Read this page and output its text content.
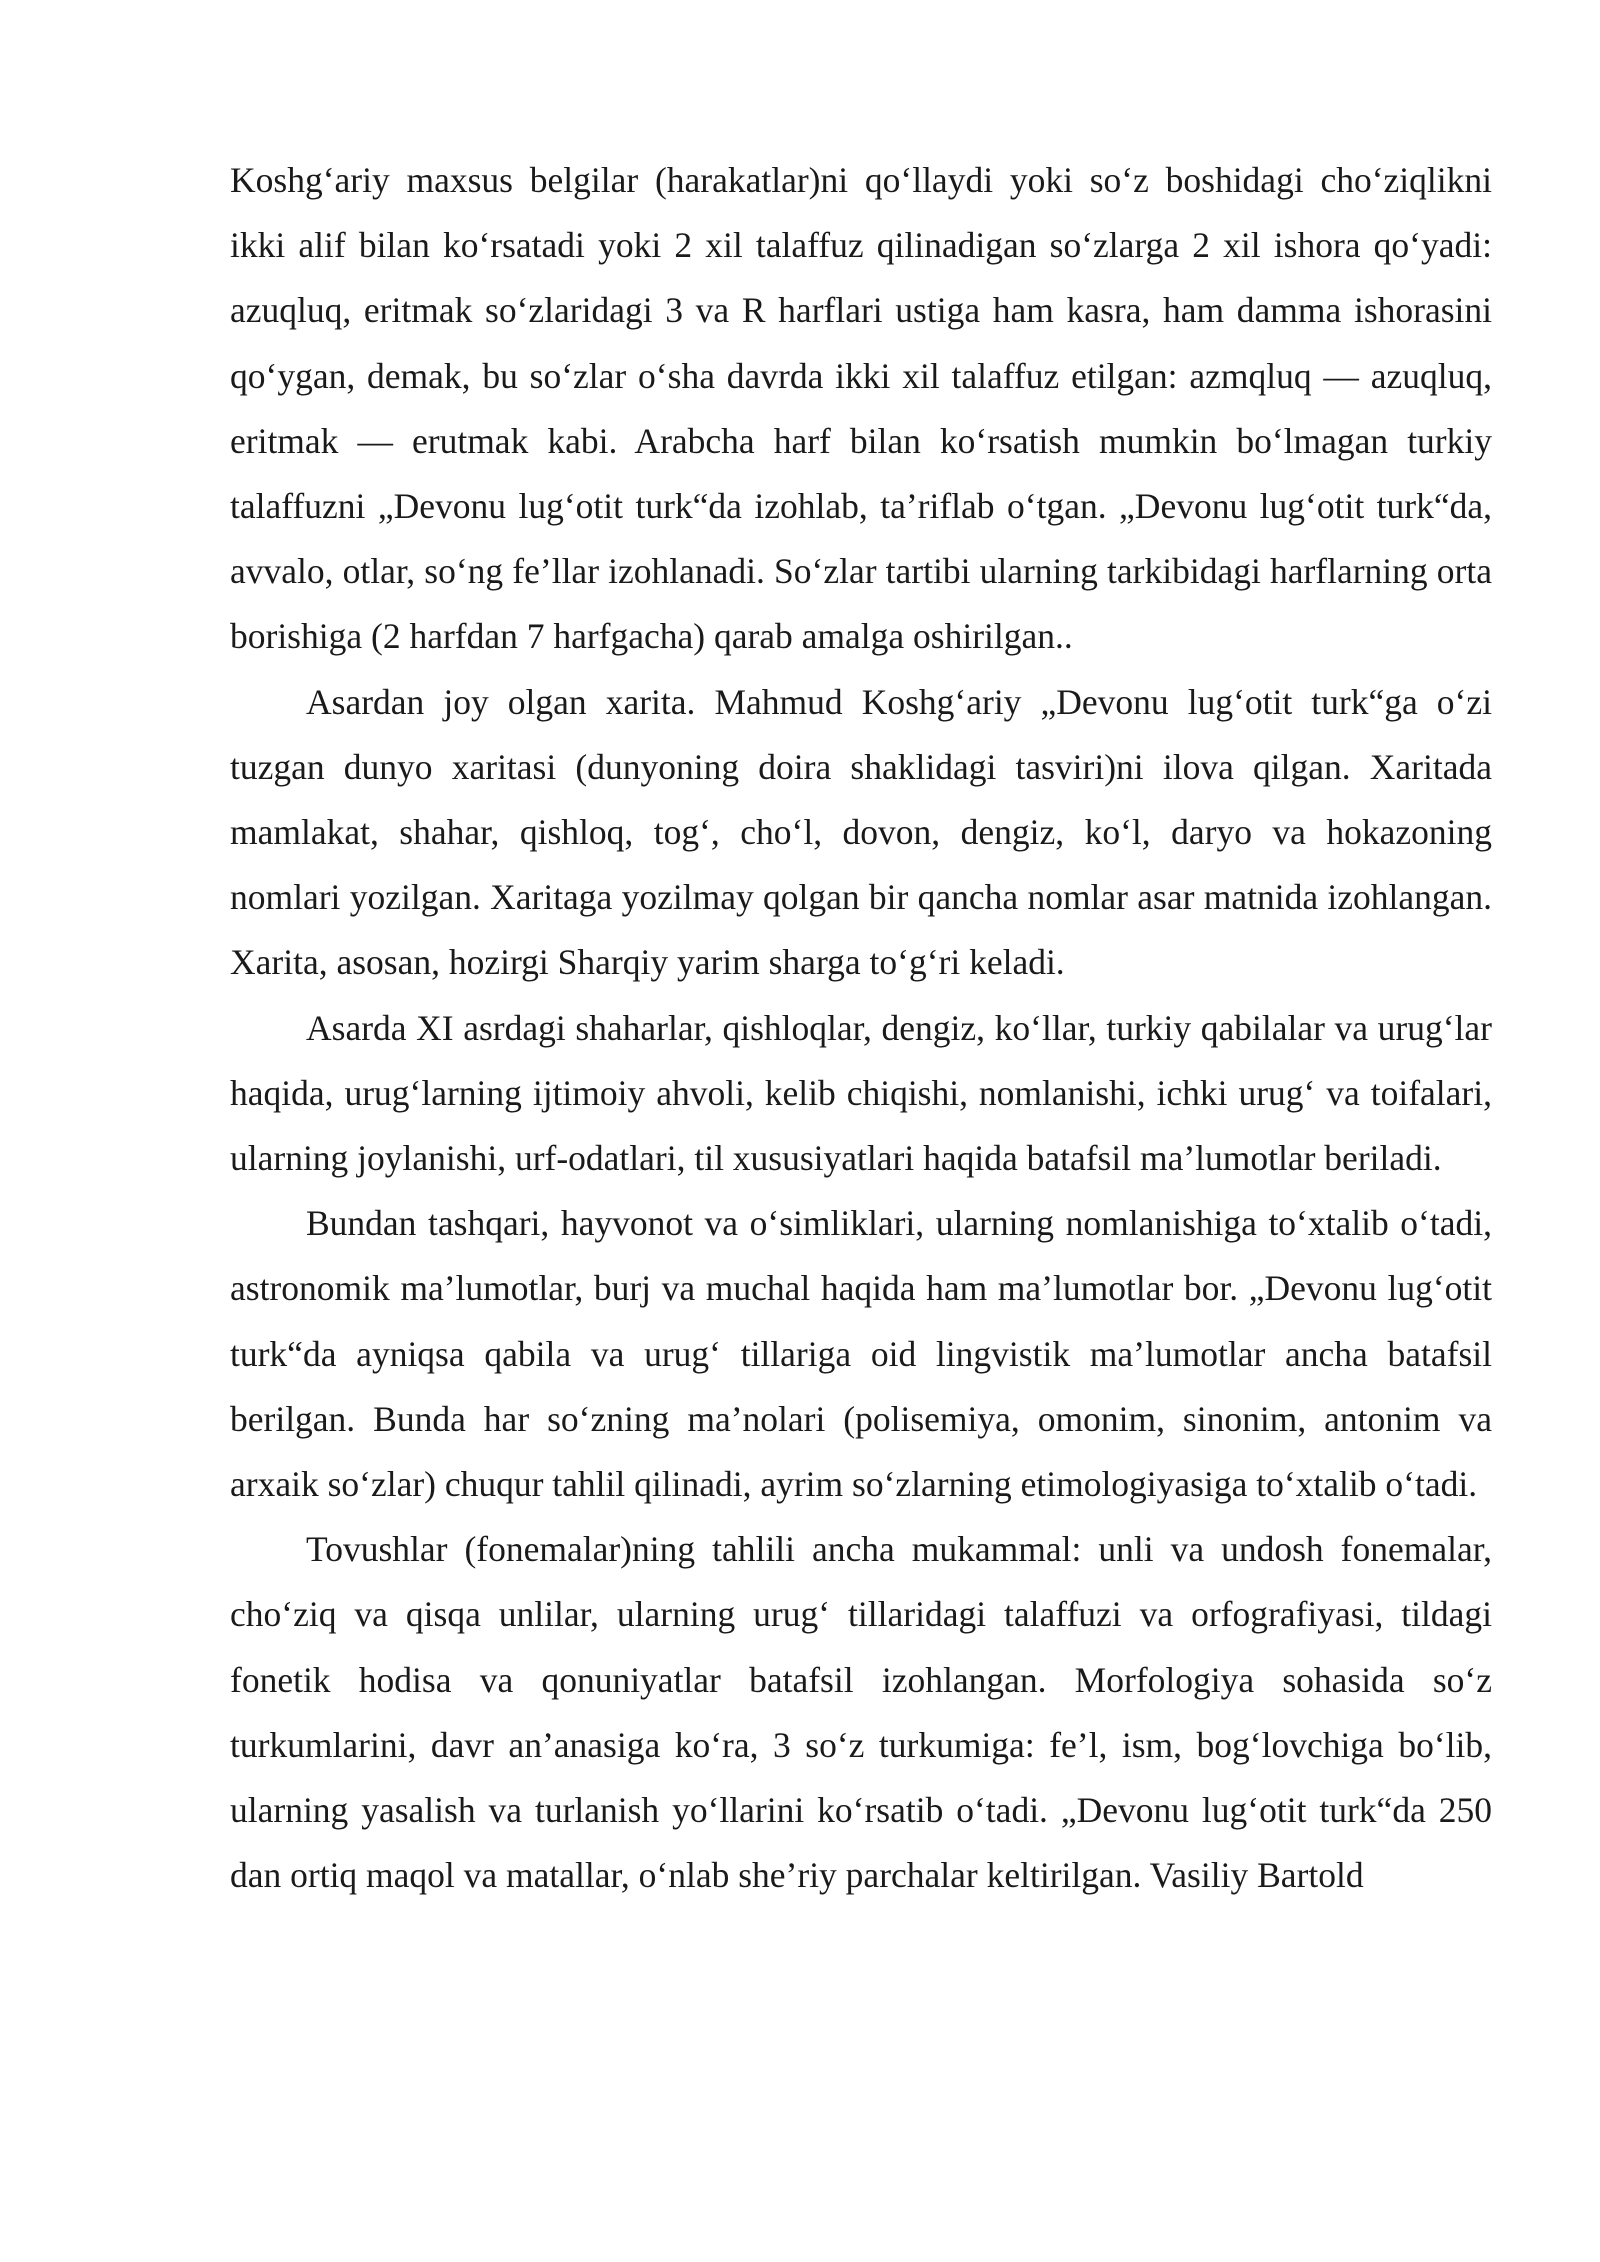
Koshg‘ariy maxsus belgilar (harakatlar)ni qo‘llaydi yoki so‘z boshidagi cho‘ziqlikni ikki alif bilan ko‘rsatadi yoki 2 xil talaffuz qilinadigan so‘zlarga 2 xil ishora qo‘yadi: azuqluq, eritmak so‘zlaridagi 3 va R harflari ustiga ham kasra, ham damma ishorasini qo‘ygan, demak, bu so‘zlar o‘sha davrda ikki xil talaffuz etilgan: azmqluq — azuqluq, eritmak — erutmak kabi. Arabcha harf bilan ko‘rsatish mumkin bo‘lmagan turkiy talaffuzni „Devonu lug‘otit turk“da izohlab, ta’riflab o‘tgan. „Devonu lug‘otit turk“da, avvalo, otlar, so‘ng fe’llar izohlanadi. So‘zlar tartibi ularning tarkibidagi harflarning orta borishiga (2 harfdan 7 harfgacha) qarab amalga oshirilgan..

Asardan joy olgan xarita. Mahmud Koshg‘ariy „Devonu lug‘otit turk“ga o‘zi tuzgan dunyo xaritasi (dunyoning doira shaklidagi tasviri)ni ilova qilgan. Xaritada mamlakat, shahar, qishloq, tog‘, cho‘l, dovon, dengiz, ko‘l, daryo va hokazoning nomlari yozilgan. Xaritaga yozilmay qolgan bir qancha nomlar asar matnida izohlangan. Xarita, asosan, hozirgi Sharqiy yarim sharga to‘g‘ri keladi.

Asarda XI asrdagi shaharlar, qishloqlar, dengiz, ko‘llar, turkiy qabilalar va urug‘lar haqida, urug‘larning ijtimoiy ahvoli, kelib chiqishi, nomlanishi, ichki urug‘ va toifalari, ularning joylanishi, urf-odatlari, til xususiyatlari haqida batafsil ma’lumotlar beriladi.

Bundan tashqari, hayvonot va o‘simliklari, ularning nomlanishiga to‘xtalib o‘tadi, astronomik ma’lumotlar, burj va muchal haqida ham ma’lumotlar bor. „Devonu lug‘otit turk“da ayniqsa qabila va urug‘ tillariga oid lingvistik ma’lumotlar ancha batafsil berilgan. Bunda har so‘zning ma’nolari (polisemiya, omonim, sinonim, antonim va arxaik so‘zlar) chuqur tahlil qilinadi, ayrim so‘zlarning etimologiyasiga to‘xtalib o‘tadi.

Tovushlar (fonemalar)ning tahlili ancha mukammal: unli va undosh fonemalar, cho‘ziq va qisqa unlilar, ularning urug‘ tillaridagi talaffuzi va orfografiyasi, tildagi fonetik hodisa va qonuniyatlar batafsil izohlangan. Morfologiya sohasida so‘z turkumlarini, davr an’anasiga ko‘ra, 3 so‘z turkumiga: fe’l, ism, bog‘lovchiga bo‘lib, ularning yasalish va turlanish yo‘llarini ko‘rsatib o‘tadi. „Devonu lug‘otit turk“da 250 dan ortiq maqol va matallar, o‘nlab she’riy parchalar keltirilgan. Vasiliy Bartold
